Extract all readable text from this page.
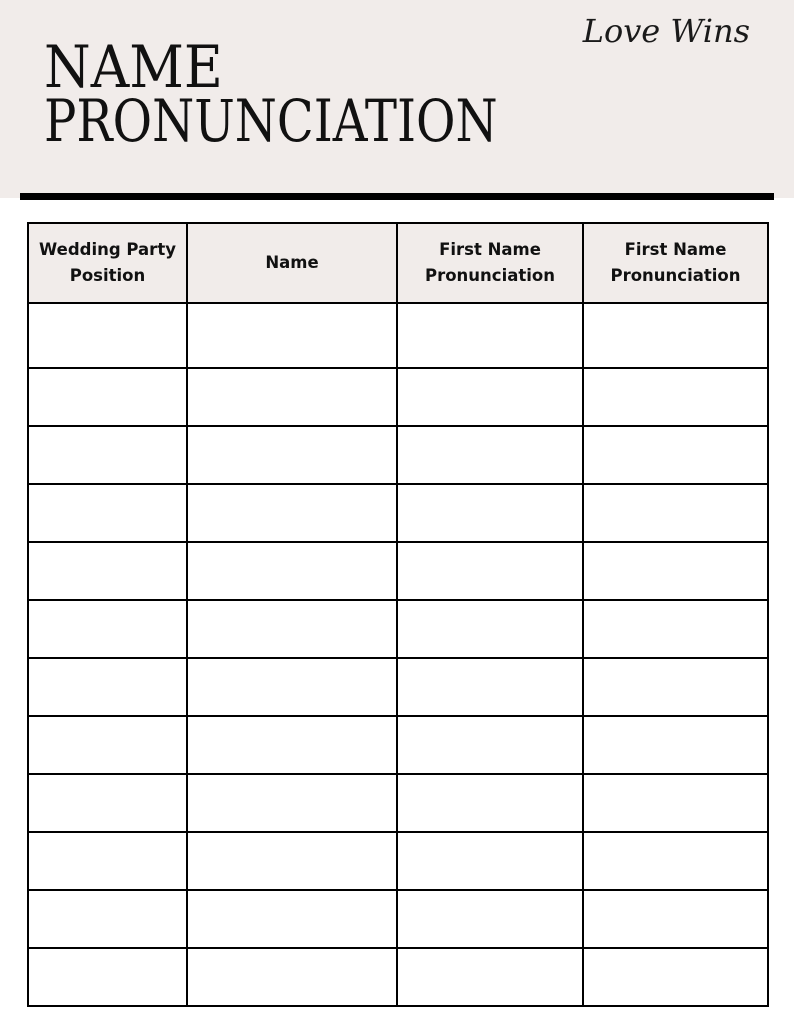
NAME
PRONUNCIATION
Love Wins
Wedding Party Position	Name	First Name Pronunciation	First Name Pronunciation
